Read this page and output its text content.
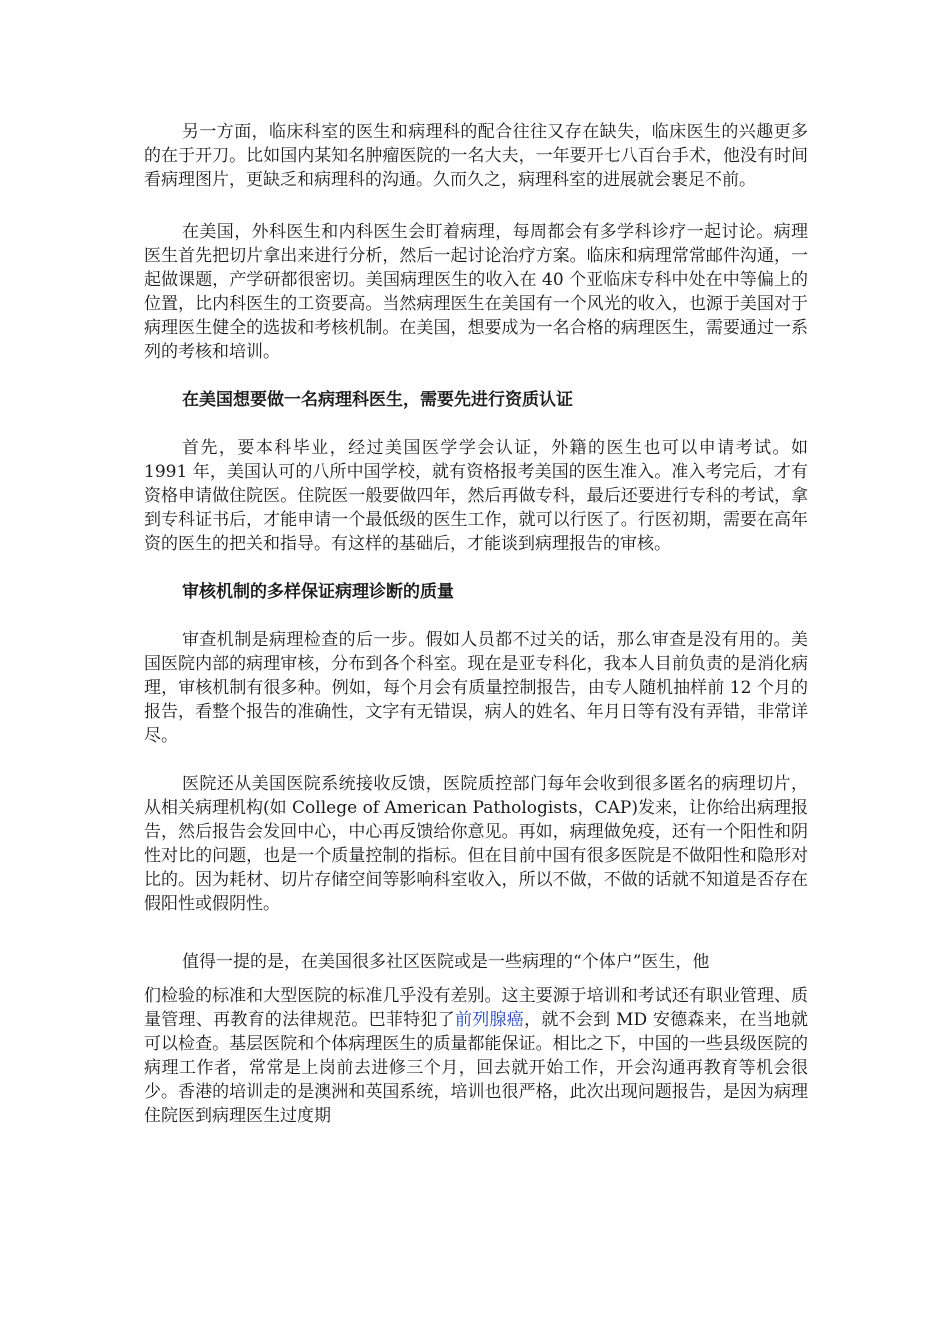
另一方面，临床科室的医生和病理科的配合往往又存在缺失，临床医生的兴趣更多的在于开刀。比如国内某知名肿瘤医院的一名大夫，一年要开七八百台手术，他没有时间看病理图片，更缺乏和病理科的沟通。久而久之，病理科室的进展就会裹足不前。

在美国，外科医生和内科医生会盯着病理，每周都会有多学科诊疗一起讨论。病理医生首先把切片拿出来进行分析，然后一起讨论治疗方案。临床和病理常常邮件沟通，一起做课题，产学研都很密切。美国病理医生的收入在 40 个亚临床专科中处在中等偏上的位置，比内科医生的工资要高。当然病理医生在美国有一个风光的收入，也源于美国对于病理医生健全的选拔和考核机制。在美国，想要成为一名合格的病理医生，需要通过一系列的考核和培训。

在美国想要做一名病理科医生，需要先进行资质认证

首先，要本科毕业，经过美国医学学会认证，外籍的医生也可以申请考试。如 1991 年，美国认可的八所中国学校，就有资格报考美国的医生准入。准入考完后，才有资格申请做住院医。住院医一般要做四年，然后再做专科，最后还要进行专科的考试，拿到专科证书后，才能申请一个最低级的医生工作，就可以行医了。行医初期，需要在高年资的医生的把关和指导。有这样的基础后，才能谈到病理报告的审核。

审核机制的多样保证病理诊断的质量

审查机制是病理检查的后一步。假如人员都不过关的话，那么审查是没有用的。美国医院内部的病理审核，分布到各个科室。现在是亚专科化，我本人目前负责的是消化病理，审核机制有很多种。例如，每个月会有质量控制报告，由专人随机抽样前 12 个月的报告，看整个报告的准确性，文字有无错误，病人的姓名、年月日等有没有弄错，非常详尽。

医院还从美国医院系统接收反馈，医院质控部门每年会收到很多匿名的病理切片，从相关病理机构(如 College of American Pathologists，CAP)发来，让你给出病理报告，然后报告会发回中心，中心再反馈给你意见。再如，病理做免疫，还有一个阳性和阴性对比的问题，也是一个质量控制的指标。但在目前中国有很多医院是不做阳性和隐形对比的。因为耗材、切片存储空间等影响科室收入，所以不做，不做的话就不知道是否存在假阳性或假阴性。

值得一提的是，在美国很多社区医院或是一些病理的“个体户”医生，他

们检验的标准和大型医院的标准几乎没有差别。这主要源于培训和考试还有职业管理、质量管理、再教育的法律规范。巴菲特犯了前列腺癌，就不会到 MD 安德森来，在当地就可以检查。基层医院和个体病理医生的质量都能保证。相比之下，中国的一些县级医院的病理工作者，常常是上岗前去进修三个月，回去就开始工作，开会沟通再教育等机会很少。香港的培训走的是澳洲和英国系统，培训也很严格，此次出现问题报告，是因为病理住院医到病理医生过度期
